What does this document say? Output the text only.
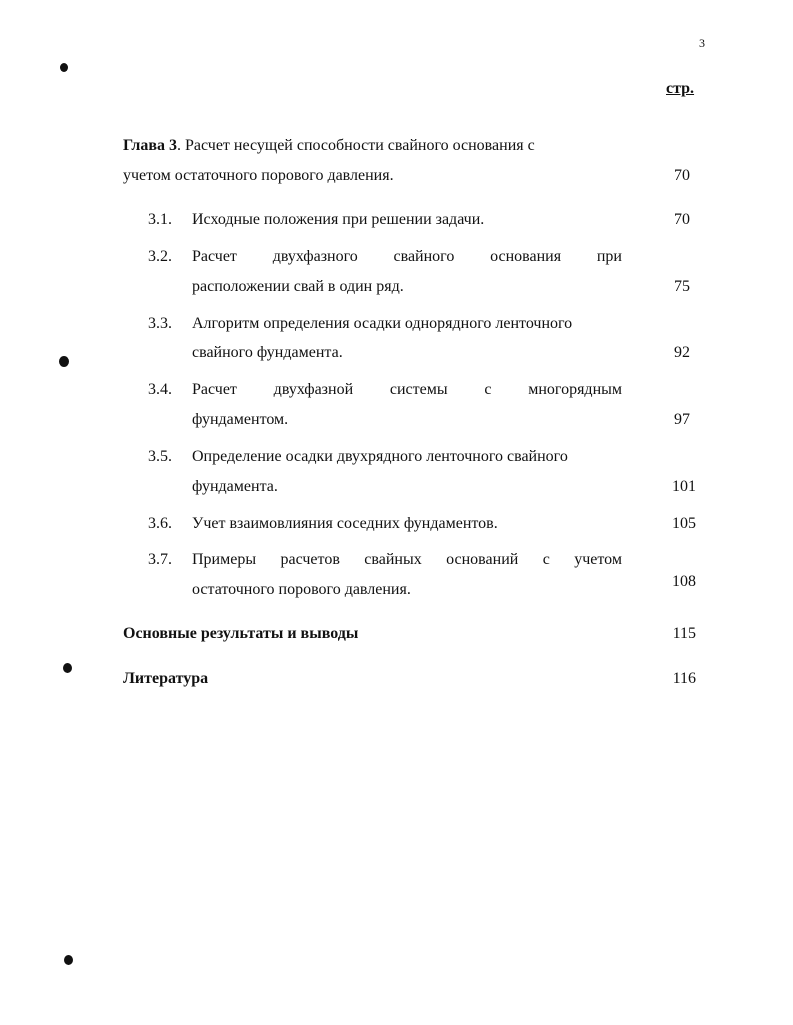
3
стр.
Глава 3. Расчет несущей способности свайного основания с
учетом остаточного порового давления.	70
3.1. Исходные положения при решении задачи.	70
3.2. Расчет двухфазного свайного основания при
расположении свай в один ряд.	75
3.3. Алгоритм определения осадки однорядного ленточного
свайного фундамента.	92
3.4. Расчет двухфазной системы с многорядным
фундаментом.	97
3.5. Определение осадки двухрядного ленточного свайного
фундамента.	101
3.6. Учет взаимовлияния соседних фундаментов.	105
3.7. Примеры расчетов свайных оснований с учетом
остаточного порового давления.	108
Основные результаты и выводы	115
Литература	116
